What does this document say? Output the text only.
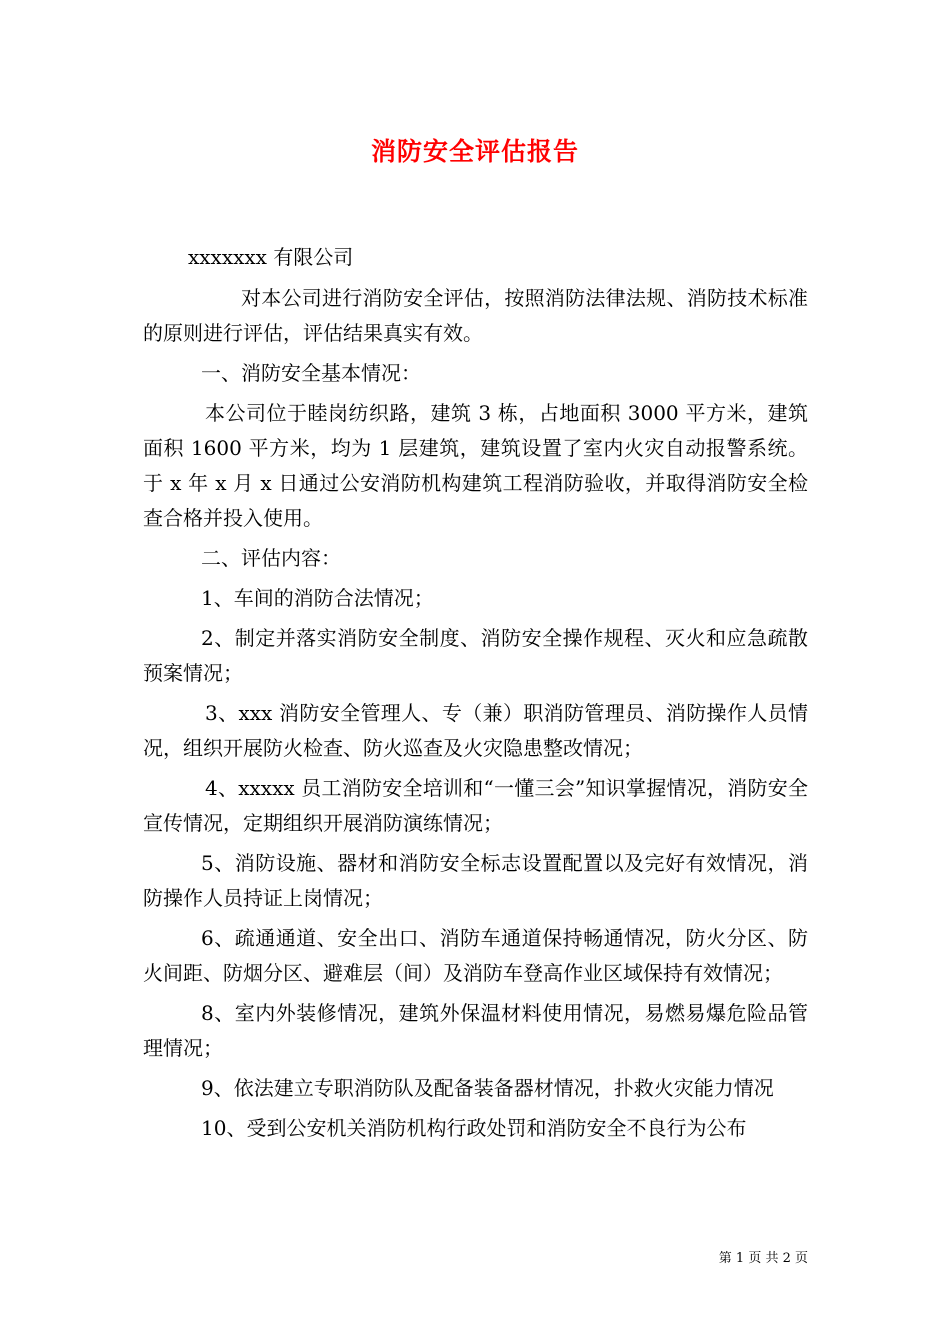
消防安全评估报告

xxxxxxx 有限公司

对本公司进行消防安全评估，按照消防法律法规、消防技术标准的原则进行评估，评估结果真实有效。

一、消防安全基本情况：

本公司位于睦岗纺织路，建筑 3 栋，占地面积 3000 平方米，建筑面积 1600 平方米，均为 1 层建筑，建筑设置了室内火灾自动报警系统。于 x 年 x 月 x 日通过公安消防机构建筑工程消防验收，并取得消防安全检查合格并投入使用。

二、评估内容：

1、车间的消防合法情况；

2、制定并落实消防安全制度、消防安全操作规程、灭火和应急疏散预案情况；

3、xxx 消防安全管理人、专（兼）职消防管理员、消防操作人员情况，组织开展防火检查、防火巡查及火灾隐患整改情况；

4、xxxxx 员工消防安全培训和“一懂三会”知识掌握情况，消防安全宣传情况，定期组织开展消防演练情况；

5、消防设施、器材和消防安全标志设置配置以及完好有效情况，消防操作人员持证上岗情况；

6、疏通通道、安全出口、消防车通道保持畅通情况，防火分区、防火间距、防烟分区、避难层（间）及消防车登高作业区域保持有效情况；

8、室内外装修情况，建筑外保温材料使用情况，易燃易爆危险品管理情况；

9、依法建立专职消防队及配备装备器材情况，扑救火灾能力情况

10、受到公安机关消防机构行政处罚和消防安全不良行为公布

第 1 页 共 2 页
